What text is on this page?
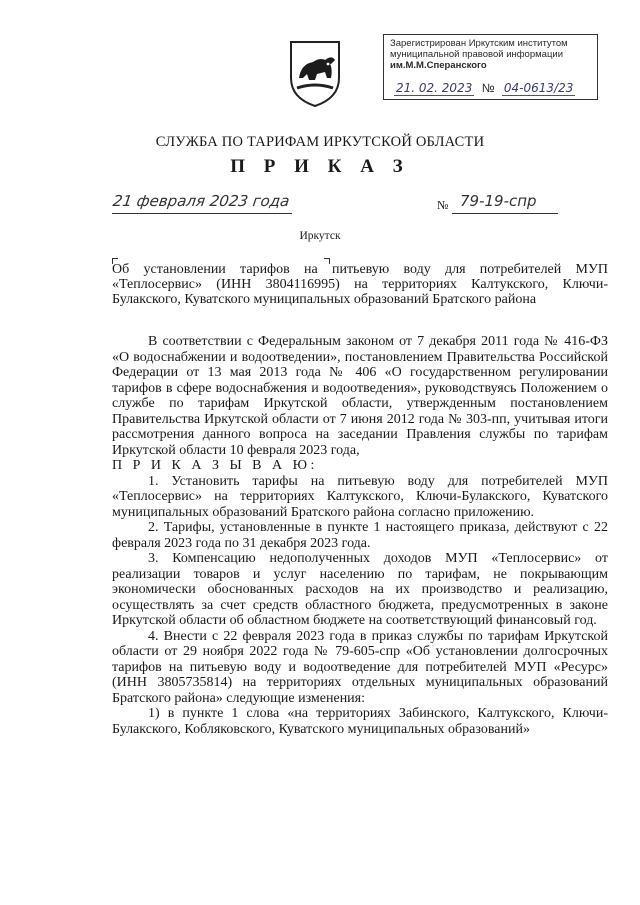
Зарегистрирован Иркутским институтом
муниципальной правовой информации
им.М.М.Сперанского
21. 02. 2023 № 04-0613/23
СЛУЖБА ПО ТАРИФАМ ИРКУТСКОЙ ОБЛАСТИ
П Р И К А З
21 февраля 2023 года	№ 79-19-спр
Иркутск

Об установлении тарифов на питьевую воду для потребителей МУП «Теплосервис» (ИНН 3804116995) на территориях Калтукского, Ключи-Булакского, Куватского муниципальных образований Братского района

В соответствии с Федеральным законом от 7 декабря 2011 года № 416-ФЗ «О водоснабжении и водоотведении», постановлением Правительства Российской Федерации от 13 мая 2013 года № 406 «О государственном регулировании тарифов в сфере водоснабжения и водоотведения», руководствуясь Положением о службе по тарифам Иркутской области, утвержденным постановлением Правительства Иркутской области от 7 июня 2012 года № 303-пп, учитывая итоги рассмотрения данного вопроса на заседании Правления службы по тарифам Иркутской области 10 февраля 2023 года,

П Р И К А З Ы В А Ю:

1. Установить тарифы на питьевую воду для потребителей МУП «Теплосервис» на территориях Калтукского, Ключи-Булакского, Куватского муниципальных образований Братского района согласно приложению.

2. Тарифы, установленные в пункте 1 настоящего приказа, действуют с 22 февраля 2023 года по 31 декабря 2023 года.

3. Компенсацию недополученных доходов МУП «Теплосервис» от реализации товаров и услуг населению по тарифам, не покрывающим экономически обоснованных расходов на их производство и реализацию, осуществлять за счет средств областного бюджета, предусмотренных в законе Иркутской области об областном бюджете на соответствующий финансовый год.

4. Внести с 22 февраля 2023 года в приказ службы по тарифам Иркутской области от 29 ноября 2022 года № 79-605-спр «Об установлении долгосрочных тарифов на питьевую воду и водоотведение для потребителей МУП «Ресурс» (ИНН 3805735814) на территориях отдельных муниципальных образований Братского района» следующие изменения:

1) в пункте 1 слова «на территориях Забинского, Калтукского, Ключи-Булакского, Кобляковского, Куватского муниципальных образований»
